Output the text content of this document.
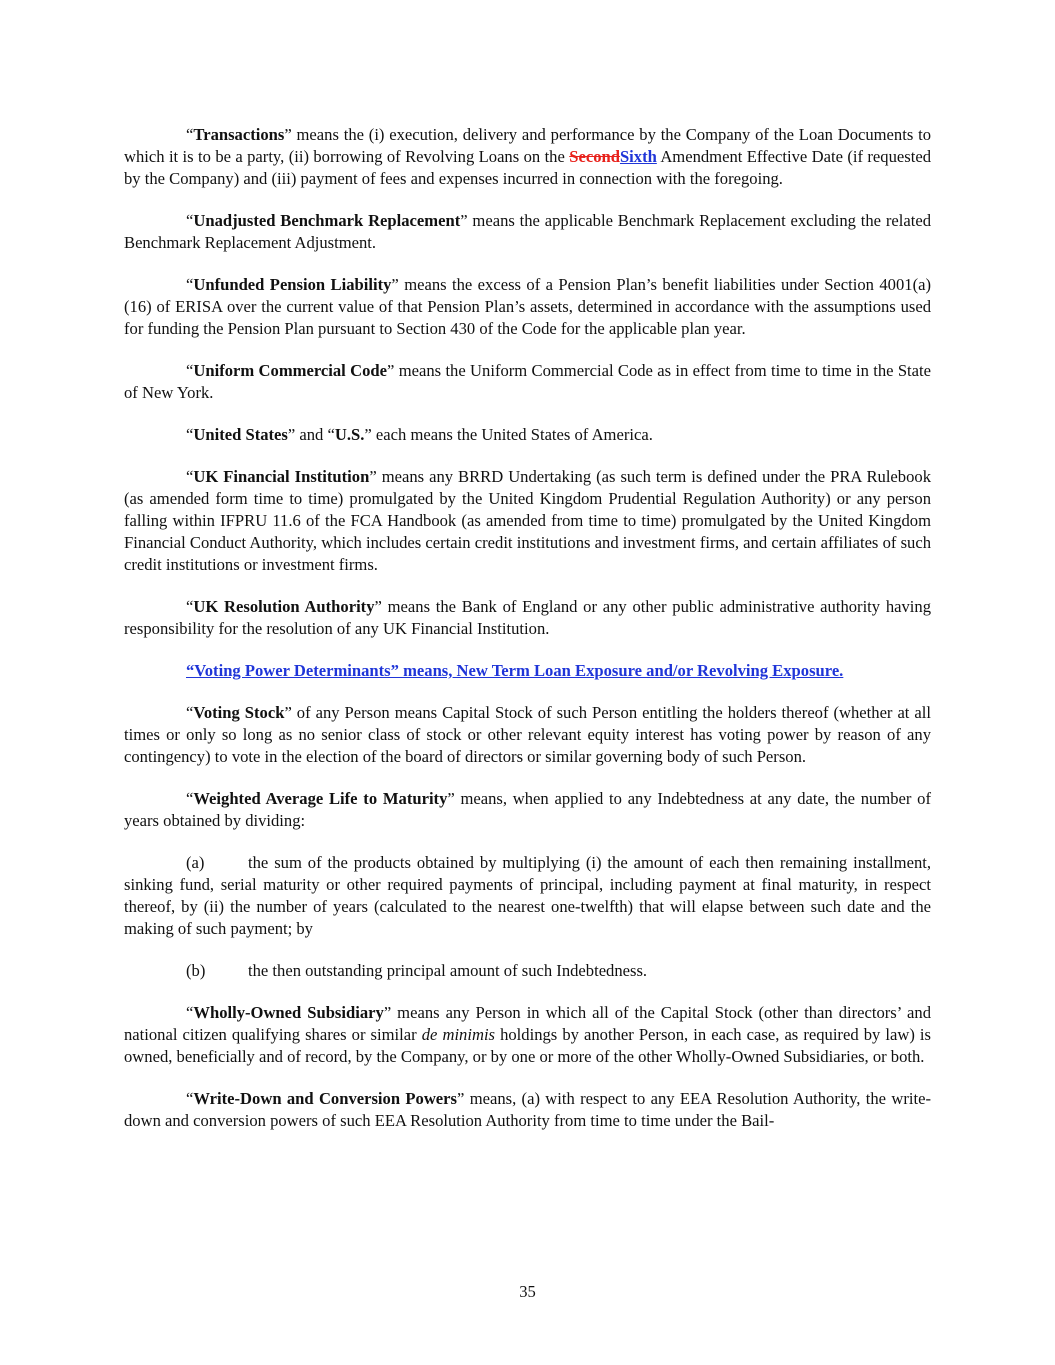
“Transactions” means the (i) execution, delivery and performance by the Company of the Loan Documents to which it is to be a party, (ii) borrowing of Revolving Loans on the SecondSixth Amendment Effective Date (if requested by the Company) and (iii) payment of fees and expenses incurred in connection with the foregoing.

“Unadjusted Benchmark Replacement” means the applicable Benchmark Replacement excluding the related Benchmark Replacement Adjustment.

“Unfunded Pension Liability” means the excess of a Pension Plan’s benefit liabilities under Section 4001(a)(16) of ERISA over the current value of that Pension Plan’s assets, determined in accordance with the assumptions used for funding the Pension Plan pursuant to Section 430 of the Code for the applicable plan year.

“Uniform Commercial Code” means the Uniform Commercial Code as in effect from time to time in the State of New York.

“United States” and “U.S.” each means the United States of America.

“UK Financial Institution” means any BRRD Undertaking (as such term is defined under the PRA Rulebook (as amended form time to time) promulgated by the United Kingdom Prudential Regulation Authority) or any person falling within IFPRU 11.6 of the FCA Handbook (as amended from time to time) promulgated by the United Kingdom Financial Conduct Authority, which includes certain credit institutions and investment firms, and certain affiliates of such credit institutions or investment firms.

“UK Resolution Authority” means the Bank of England or any other public administrative authority having responsibility for the resolution of any UK Financial Institution.

“Voting Power Determinants” means, New Term Loan Exposure and/or Revolving Exposure.

“Voting Stock” of any Person means Capital Stock of such Person entitling the holders thereof (whether at all times or only so long as no senior class of stock or other relevant equity interest has voting power by reason of any contingency) to vote in the election of the board of directors or similar governing body of such Person.

“Weighted Average Life to Maturity” means, when applied to any Indebtedness at any date, the number of years obtained by dividing:

(a)	the sum of the products obtained by multiplying (i) the amount of each then remaining installment, sinking fund, serial maturity or other required payments of principal, including payment at final maturity, in respect thereof, by (ii) the number of years (calculated to the nearest one-twelfth) that will elapse between such date and the making of such payment; by

(b)	the then outstanding principal amount of such Indebtedness.

“Wholly-Owned Subsidiary” means any Person in which all of the Capital Stock (other than directors’ and national citizen qualifying shares or similar de minimis holdings by another Person, in each case, as required by law) is owned, beneficially and of record, by the Company, or by one or more of the other Wholly-Owned Subsidiaries, or both.

“Write-Down and Conversion Powers” means, (a) with respect to any EEA Resolution Authority, the write-down and conversion powers of such EEA Resolution Authority from time to time under the Bail-

35
